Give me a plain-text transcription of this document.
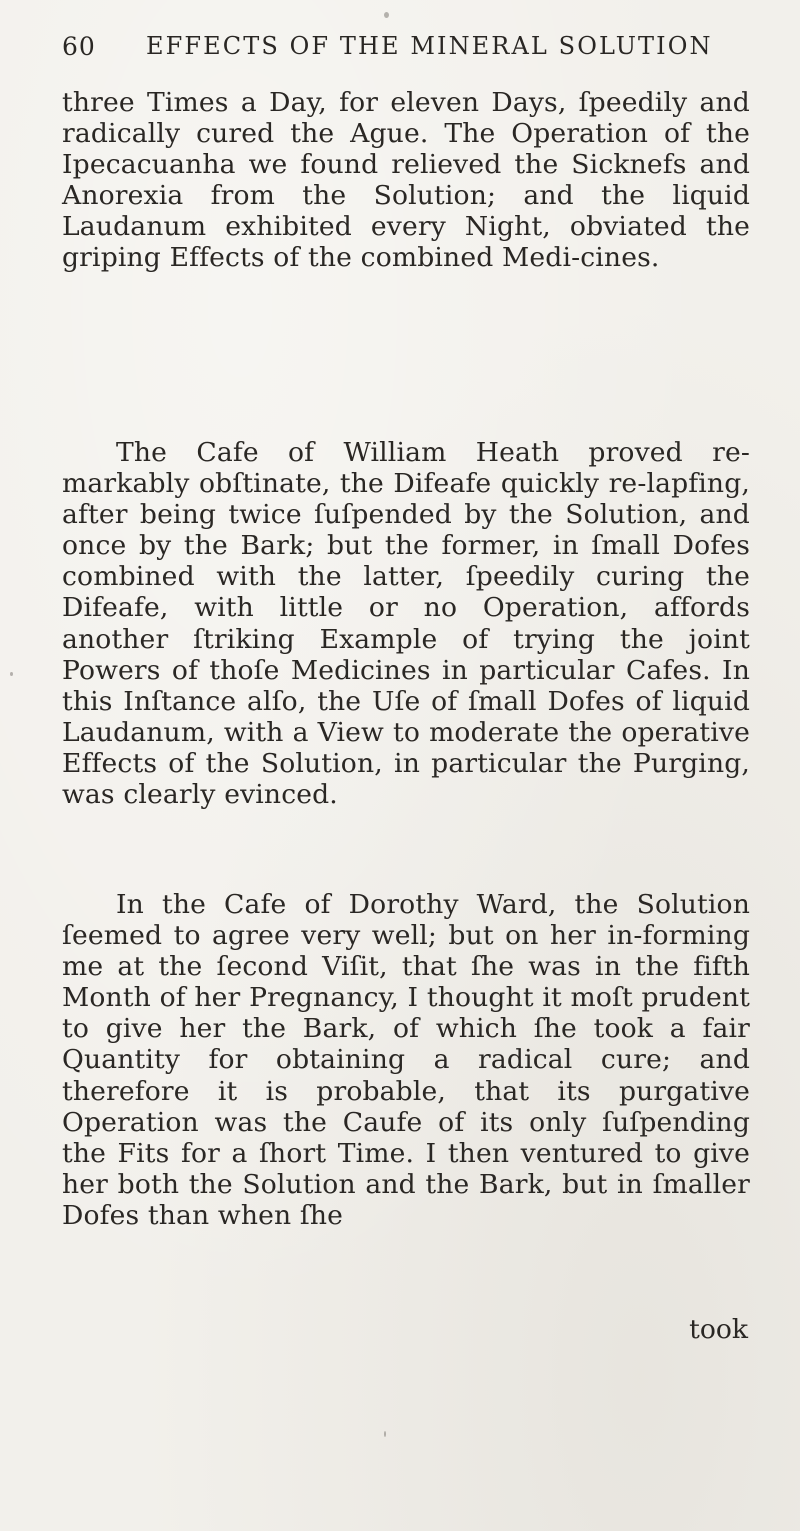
60 EFFECTS OF THE MINERAL SOLUTION

three Times a Day, for eleven Days, ſpeedily and radically cured the Ague. The Operation of the Ipecacuanha we found relieved the Sicknefs and Anorexia from the Solution; and the liquid Laudanum exhibited every Night, obviated the griping Effects of the combined Medi-cines.

The Cafe of William Heath proved re-markably obſtinate, the Difeafe quickly re-lapfing, after being twice ſuſpended by the Solution, and once by the Bark; but the former, in ſmall Dofes combined with the latter, ſpeedily curing the Difeafe, with little or no Operation, affords another ſtriking Example of trying the joint Powers of thoſe Medicines in particular Cafes. In this Inſtance alſo, the Uſe of ſmall Dofes of liquid Laudanum, with a View to moderate the operative Effects of the Solution, in particular the Purging, was clearly evinced.

In the Cafe of Dorothy Ward, the Solution ſeemed to agree very well; but on her in-forming me at the ſecond Viſit, that ſhe was in the fifth Month of her Pregnancy, I thought it moſt prudent to give her the Bark, of which ſhe took a fair Quantity for obtaining a radical cure; and therefore it is probable, that its purgative Operation was the Caufe of its only ſuſpending the Fits for a ſhort Time. I then ventured to give her both the Solution and the Bark, but in ſmaller Dofes than when ſhe

took
